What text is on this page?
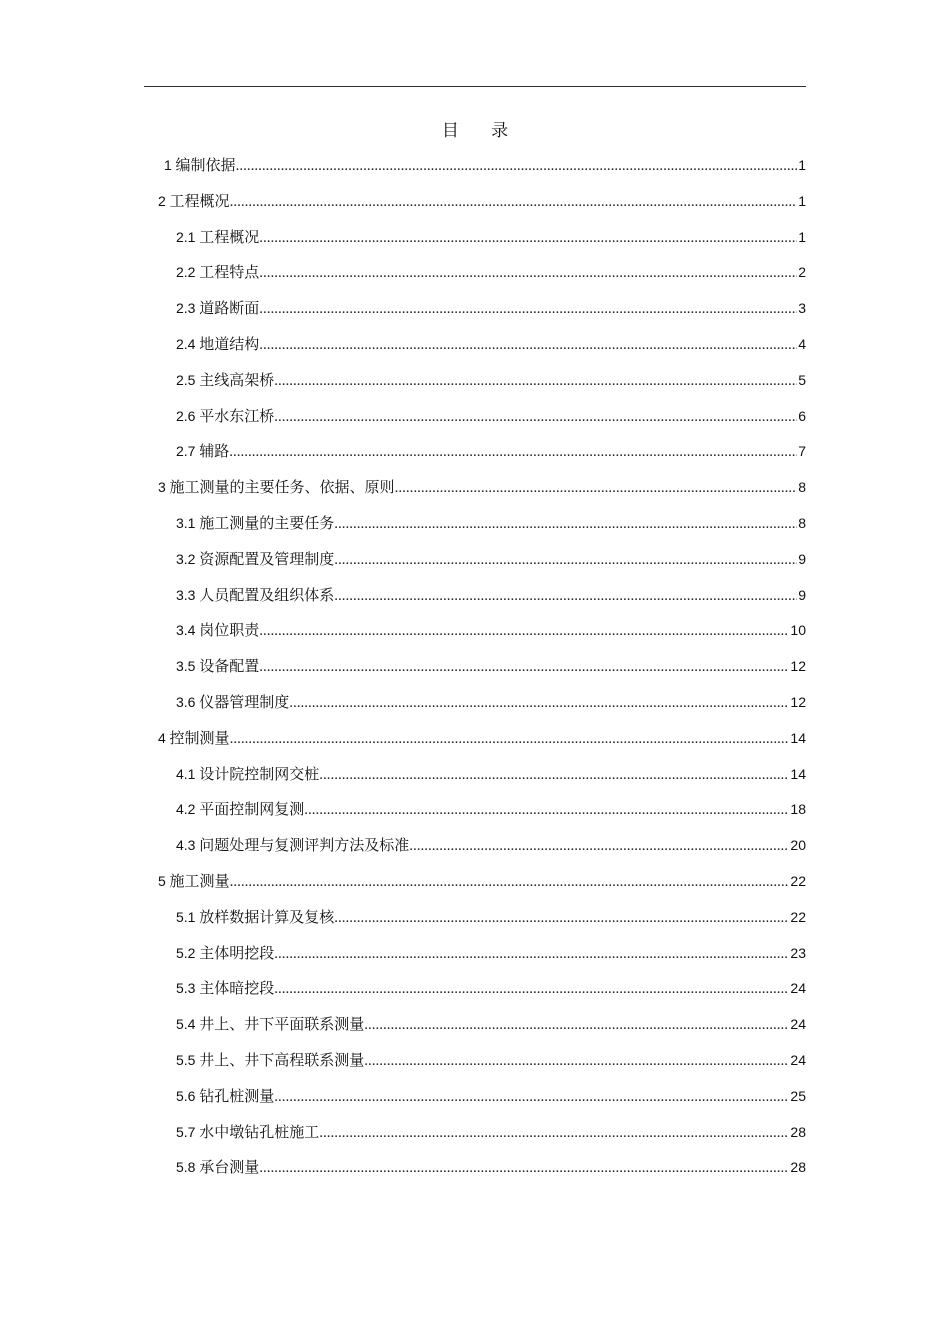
目 录
1 编制依据 .....	1
2 工程概况 .....	1
2.1 工程概况 .....	1
2.2 工程特点 .....	2
2.3 道路断面 .....	3
2.4 地道结构 .....	4
2.5 主线高架桥 .....	5
2.6 平水东江桥 .....	6
2.7 辅路 .....	7
3 施工测量的主要任务、依据、原则 .....	8
3.1 施工测量的主要任务 .....	8
3.2 资源配置及管理制度 .....	9
3.3 人员配置及组织体系 .....	9
3.4 岗位职责 .....	10
3.5 设备配置 .....	12
3.6 仪器管理制度 .....	12
4 控制测量 .....	14
4.1 设计院控制网交桩 .....	14
4.2 平面控制网复测 .....	18
4.3 问题处理与复测评判方法及标准 .....	20
5 施工测量 .....	22
5.1 放样数据计算及复核 .....	22
5.2 主体明挖段 .....	23
5.3 主体暗挖段 .....	24
5.4 井上、井下平面联系测量 .....	24
5.5 井上、井下高程联系测量 .....	24
5.6 钻孔桩测量 .....	25
5.7 水中墩钻孔桩施工 .....	28
5.8 承台测量 .....	28
